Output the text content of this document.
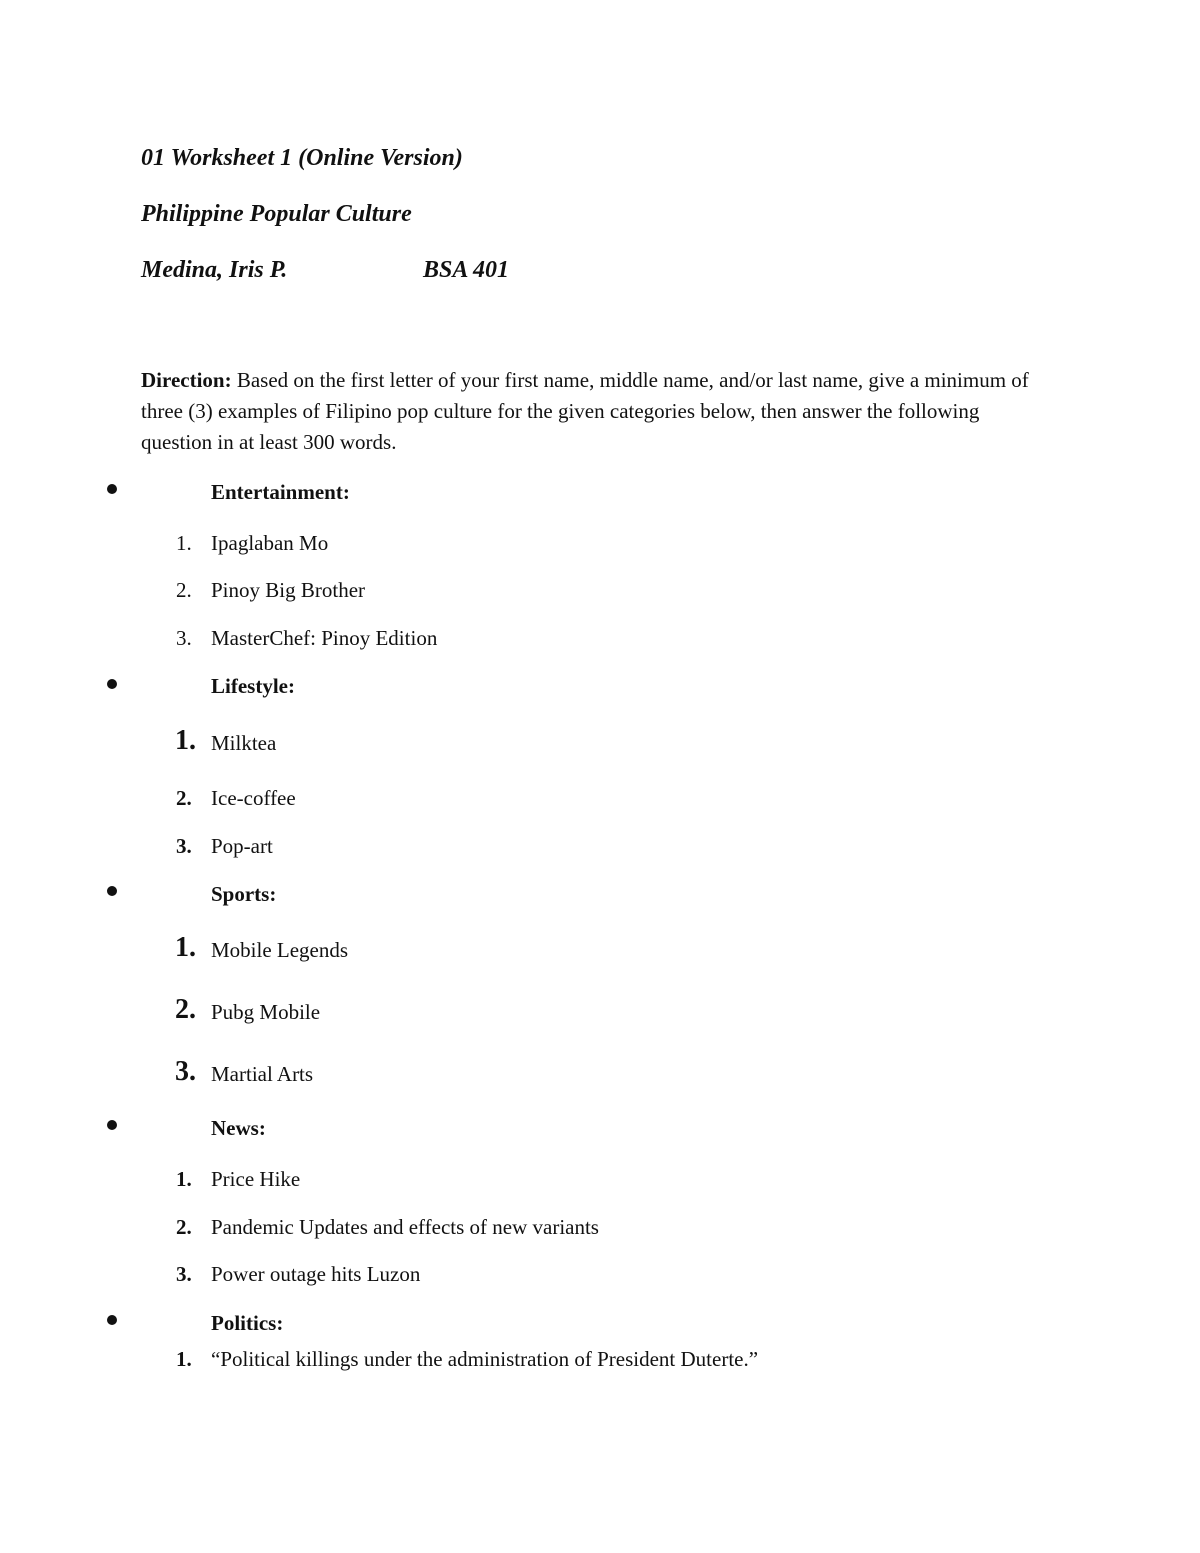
01 Worksheet 1 (Online Version)
Philippine Popular Culture
Medina, Iris P.	BSA 401
Direction: Based on the first letter of your first name, middle name, and/or last name, give a minimum of three (3) examples of Filipino pop culture for the given categories below, then answer the following question in at least 300 words.
Entertainment:
1. Ipaglaban Mo
2. Pinoy Big Brother
3. MasterChef: Pinoy Edition
Lifestyle:
1. Milktea
2. Ice-coffee
3. Pop-art
Sports:
1. Mobile Legends
2. Pubg Mobile
3. Martial Arts
News:
1. Price Hike
2. Pandemic Updates and effects of new variants
3. Power outage hits Luzon
Politics:
1. “Political killings under the administration of President Duterte.”
